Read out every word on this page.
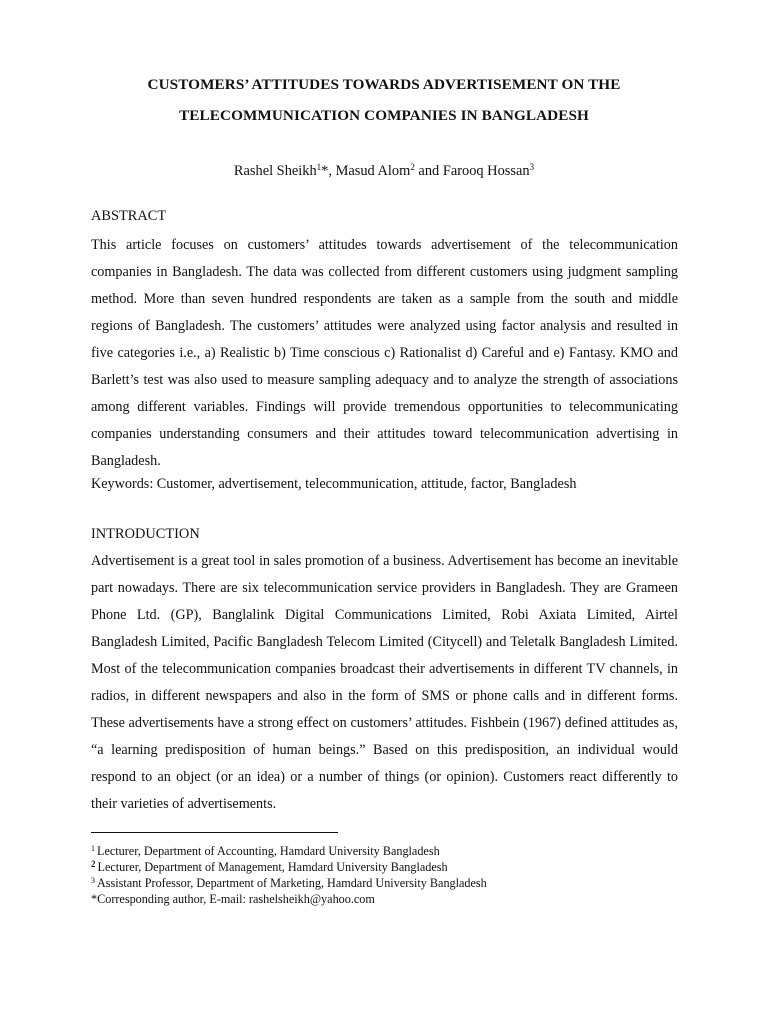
CUSTOMERS’ ATTITUDES TOWARDS ADVERTISEMENT ON THE
TELECOMMUNICATION COMPANIES IN BANGLADESH
Rashel Sheikh$^1$*, Masud Alom$^2$ and Farooq Hossan$^3$
ABSTRACT

This article focuses on customers’ attitudes towards advertisement of the telecommunication companies in Bangladesh. The data was collected from different customers using judgment sampling method. More than seven hundred respondents are taken as a sample from the south and middle regions of Bangladesh. The customers’ attitudes were analyzed using factor analysis and resulted in five categories i.e., a) Realistic b) Time conscious c) Rationalist d) Careful and e) Fantasy. KMO and Barlett’s test was also used to measure sampling adequacy and to analyze the strength of associations among different variables. Findings will provide tremendous opportunities to telecommunicating companies understanding consumers and their attitudes toward telecommunication advertising in Bangladesh.

Keywords: Customer, advertisement, telecommunication, attitude, factor, Bangladesh
INTRODUCTION

Advertisement is a great tool in sales promotion of a business. Advertisement has become an inevitable part nowadays. There are six telecommunication service providers in Bangladesh. They are Grameen Phone Ltd. (GP), Banglalink Digital Communications Limited, Robi Axiata Limited, Airtel Bangladesh Limited, Pacific Bangladesh Telecom Limited (Citycell) and Teletalk Bangladesh Limited. Most of the telecommunication companies broadcast their advertisements in different TV channels, in radios, in different newspapers and also in the form of SMS or phone calls and in different forms. These advertisements have a strong effect on customers’ attitudes. Fishbein (1967) defined attitudes as, “a learning predisposition of human beings.” Based on this predisposition, an individual would respond to an object (or an idea) or a number of things (or opinion). Customers react differently to their varieties of advertisements.

$^1$ Lecturer, Department of Accounting, Hamdard University Bangladesh
$^2$ Lecturer, Department of Management, Hamdard University Bangladesh
$^3$ Assistant Professor, Department of Marketing, Hamdard University Bangladesh
*Corresponding author, E-mail: rashelsheikh@yahoo.com
